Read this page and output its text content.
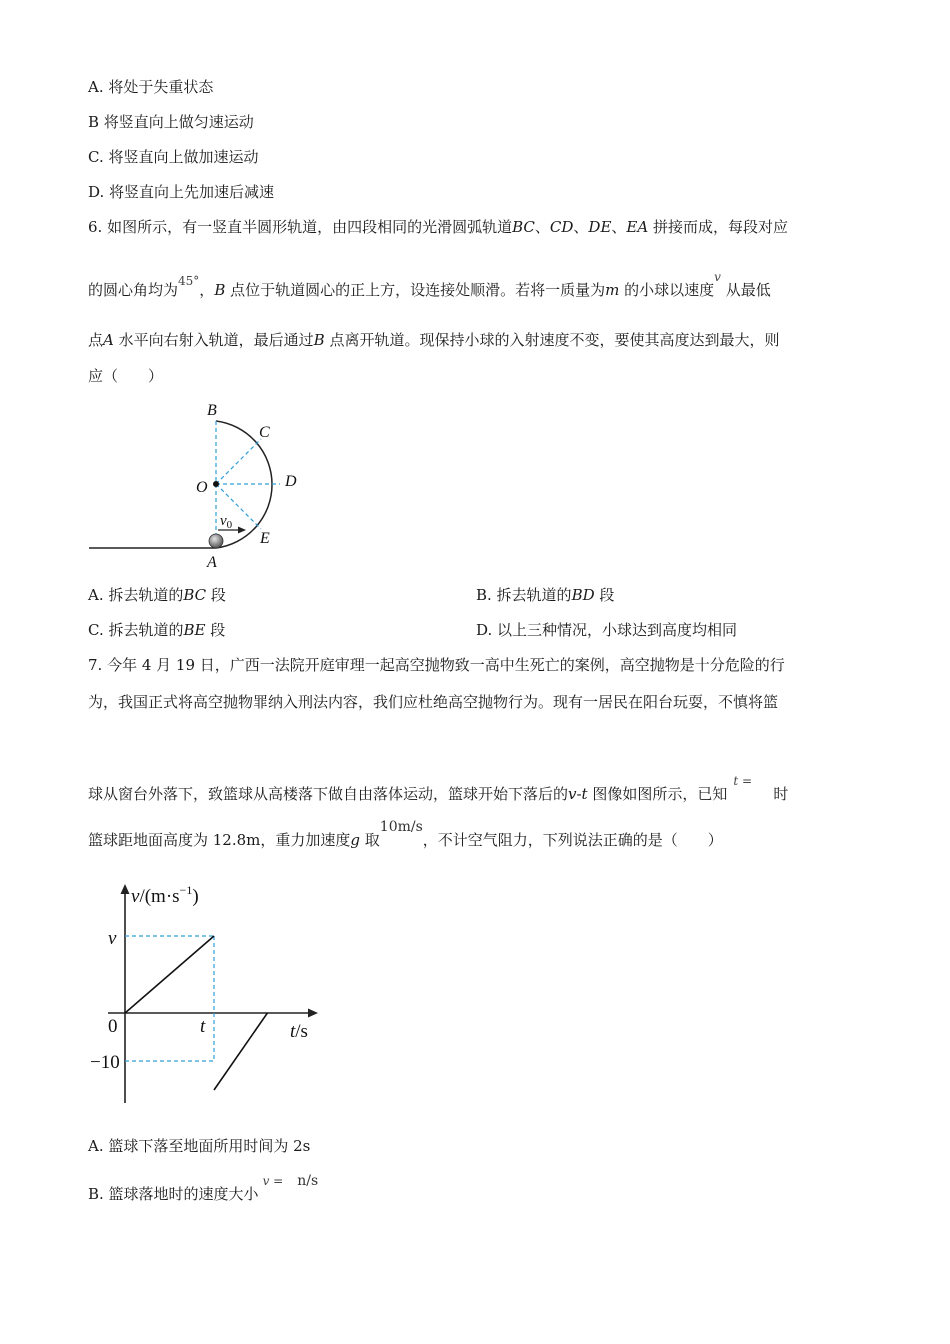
A. 将处于失重状态
B 将竖直向上做匀速运动
C. 将竖直向上做加速运动
D. 将竖直向上先加速后减速
6. 如图所示，有一竖直半圆形轨道，由四段相同的光滑圆弧轨道BC、CD、DE、EA 拼接而成，每段对应
的圆心角均为$^{45^\circ}$，B 点位于轨道圆心的正上方，设连接处顺滑。若将一质量为m 的小球以速度$^v$ 从最低
点A 水平向右射入轨道，最后通过B 点离开轨道。现保持小球的入射速度不变，要使其高度达到最大，则
应（　　）
B
C
O	D
E
A
$v_0$
A. 拆去轨道的BC 段	B. 拆去轨道的BD 段
C. 拆去轨道的BE 段	D. 以上三种情况，小球达到高度均相同
7. 今年 4 月 19 日，广西一法院开庭审理一起高空抛物致一高中生死亡的案例，高空抛物是十分危险的行
为，我国正式将高空抛物罪纳入刑法内容，我们应杜绝高空抛物行为。现有一居民在阳台玩耍，不慎将篮
球从窗台外落下，致篮球从高楼落下做自由落体运动，篮球开始下落后的v-t 图像如图所示，已知t =时
篮球距地面高度为 12.8m，重力加速度g 取10m/s，不计空气阻力，下列说法正确的是（　　）
$v/(m\cdot s^{-1})$
t/s
0	t
v
−10
A. 篮球下落至地面所用时间为 2s
B. 篮球落地时的速度大小$^{v =}$ n/s
